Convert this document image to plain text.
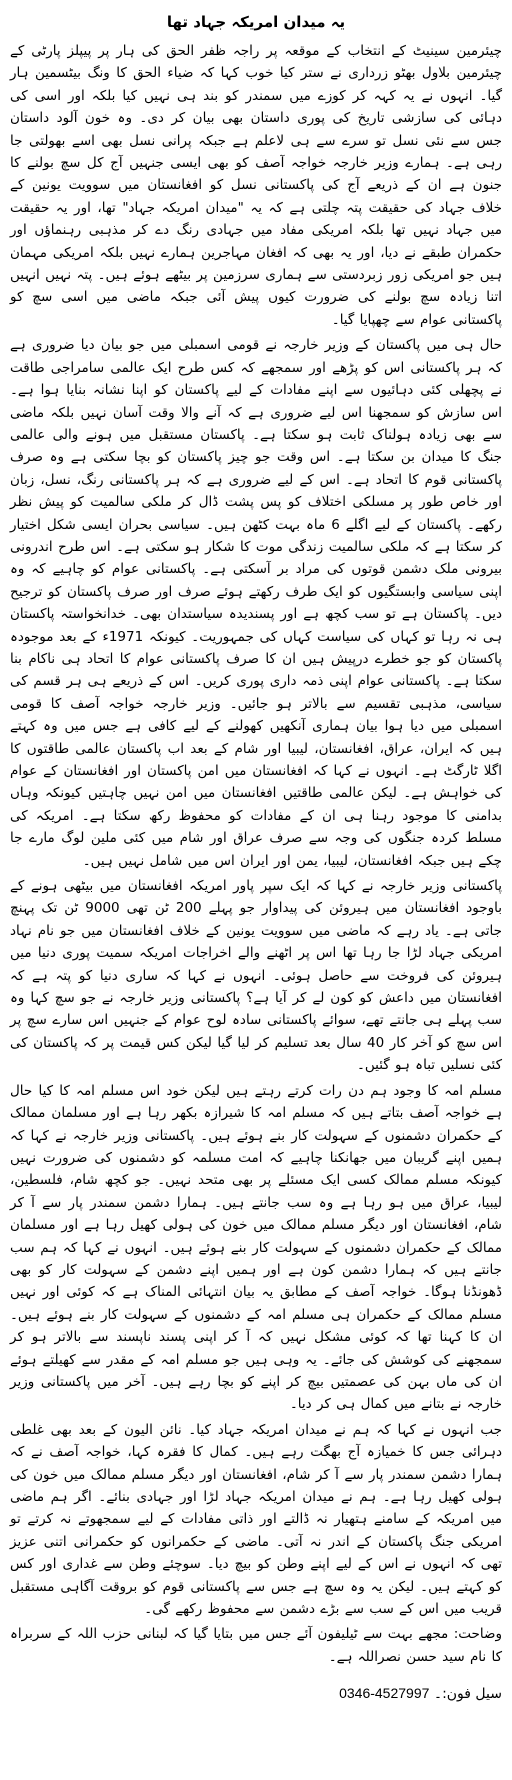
یہ میدان امریکہ جہاد تھا

چیئرمین سینیٹ کے انتخاب کے موقعہ پر راجہ ظفر الحق کی ہار پر پیپلز پارٹی کے چیئرمین بلاول بھٹو زرداری نے ستر کیا خوب کہا کہ ضیاء الحق کا ونگ بیٹسمین ہار گیا۔ انہوں نے یہ کہہ کر کوزے میں سمندر کو بند ہی نہیں کیا بلکہ اور اسی کی دہائی کی سازشی تاریخ کی پوری داستان بھی بیان کر دی۔ وہ خون آلود داستان جس سے نئی نسل تو سرے سے ہی لاعلم ہے جبکہ پرانی نسل بھی اسے بھولتی جا رہی ہے۔ ہمارے وزیر خارجہ خواجہ آصف کو بھی ایسی جنہیں آج کل سچ بولنے کا جنون ہے ان کے ذریعے آج کی پاکستانی نسل کو افغانستان میں سوویت یونین کے خلاف جہاد کی حقیقت پتہ چلتی ہے کہ یہ "میدان امریکہ جہاد" تھا، اور یہ حقیقت میں جہاد نہیں تھا بلکہ امریکی مفاد میں جہادی رنگ دے کر مذہبی رہنماؤں اور حکمران طبقے نے دیا، اور یہ بھی کہ افغان مہاجرین ہمارے نہیں بلکہ امریکی مہمان ہیں جو امریکی زور زبردستی سے ہماری سرزمین پر بیٹھے ہوئے ہیں۔ پتہ نہیں انہیں اتنا زیادہ سچ بولنے کی ضرورت کیوں پیش آئی جبکہ ماضی میں اسی سچ کو پاکستانی عوام سے چھپایا گیا۔

حال ہی میں پاکستان کے وزیر خارجہ نے قومی اسمبلی میں جو بیان دیا ضروری ہے کہ ہر پاکستانی اس کو پڑھے اور سمجھے کہ کس طرح ایک عالمی سامراجی طاقت نے پچھلی کئی دہائیوں سے اپنے مفادات کے لیے پاکستان کو اپنا نشانہ بنایا ہوا ہے۔ اس سازش کو سمجھنا اس لیے ضروری ہے کہ آنے والا وقت آسان نہیں بلکہ ماضی سے بھی زیادہ ہولناک ثابت ہو سکتا ہے۔ پاکستان مستقبل میں ہونے والی عالمی جنگ کا میدان بن سکتا ہے۔ اس وقت جو چیز پاکستان کو بچا سکتی ہے وہ صرف پاکستانی قوم کا اتحاد ہے۔ اس کے لیے ضروری ہے کہ ہر پاکستانی رنگ، نسل، زبان اور خاص طور پر مسلکی اختلاف کو پس پشت ڈال کر ملکی سالمیت کو پیش نظر رکھے۔ پاکستان کے لیے اگلے 6 ماہ بہت کٹھن ہیں۔ سیاسی بحران ایسی شکل اختیار کر سکتا ہے کہ ملکی سالمیت زندگی موت کا شکار ہو سکتی ہے۔ اس طرح اندرونی بیرونی ملک دشمن قوتوں کی مراد بر آسکتی ہے۔ پاکستانی عوام کو چاہیے کہ وہ اپنی سیاسی وابستگیوں کو ایک طرف رکھتے ہوئے صرف اور صرف پاکستان کو ترجیح دیں۔ پاکستان ہے تو سب کچھ ہے اور پسندیدہ سیاستدان بھی۔ خدانخواستہ پاکستان ہی نہ رہا تو کہاں کی سیاست کہاں کی جمہوریت۔ کیونکہ 1971ء کے بعد موجودہ پاکستان کو جو خطرے درپیش ہیں ان کا صرف پاکستانی عوام کا اتحاد ہی ناکام بنا سکتا ہے۔ پاکستانی عوام اپنی ذمہ داری پوری کریں۔ اس کے ذریعے ہی ہر قسم کی سیاسی، مذہبی تقسیم سے بالاتر ہو جائیں۔ وزیر خارجہ خواجہ آصف کا قومی اسمبلی میں دیا ہوا بیان ہماری آنکھیں کھولنے کے لیے کافی ہے جس میں وہ کہتے ہیں کہ ایران، عراق، افغانستان، لیبیا اور شام کے بعد اب پاکستان عالمی طاقتوں کا اگلا ٹارگٹ ہے۔ انہوں نے کہا کہ افغانستان میں امن پاکستان اور افغانستان کے عوام کی خواہش ہے۔ لیکن عالمی طاقتیں افغانستان میں امن نہیں چاہتیں کیونکہ وہاں بدامنی کا موجود رہنا ہی ان کے مفادات کو محفوظ رکھ سکتا ہے۔ امریکہ کی مسلط کردہ جنگوں کی وجہ سے صرف عراق اور شام میں کئی ملین لوگ مارے جا چکے ہیں جبکہ افغانستان، لیبیا، یمن اور ایران اس میں شامل نہیں ہیں۔

پاکستانی وزیر خارجہ نے کہا کہ ایک سپر پاور امریکہ افغانستان میں بیٹھی ہونے کے باوجود افغانستان میں ہیروئن کی پیداوار جو پہلے 200 ٹن تھی 9000 ٹن تک پہنچ جاتی ہے۔ یاد رہے کہ ماضی میں سوویت یونین کے خلاف افغانستان میں جو نام نہاد امریکی جہاد لڑا جا رہا تھا اس پر اٹھنے والے اخراجات امریکہ سمیت پوری دنیا میں ہیروئن کی فروخت سے حاصل ہوئی۔ انہوں نے کہا کہ ساری دنیا کو پتہ ہے کہ افغانستان میں داعش کو کون لے کر آیا ہے؟ پاکستانی وزیر خارجہ نے جو سچ کہا وہ سب پہلے ہی جانتے تھے، سوائے پاکستانی سادہ لوح عوام کے جنہیں اس سارے سچ پر اس سچ کو آخر کار 40 سال بعد تسلیم کر لیا گیا لیکن کس قیمت پر کہ پاکستان کی کئی نسلیں تباہ ہو گئیں۔

مسلم امہ کا وجود ہم دن رات کرتے رہتے ہیں لیکن خود اس مسلم امہ کا کیا حال ہے خواجہ آصف بتاتے ہیں کہ مسلم امہ کا شیرازہ بکھر رہا ہے اور مسلمان ممالک کے حکمران دشمنوں کے سہولت کار بنے ہوئے ہیں۔ پاکستانی وزیر خارجہ نے کہا کہ ہمیں اپنے گریبان میں جھانکنا چاہیے کہ امت مسلمہ کو دشمنوں کی ضرورت نہیں کیونکہ مسلم ممالک کسی ایک مسئلے پر بھی متحد نہیں۔ جو کچھ شام، فلسطین، لیبیا، عراق میں ہو رہا ہے وہ سب جانتے ہیں۔ ہمارا دشمن سمندر پار سے آ کر شام، افغانستان اور دیگر مسلم ممالک میں خون کی ہولی کھیل رہا ہے اور مسلمان ممالک کے حکمران دشمنوں کے سہولت کار بنے ہوئے ہیں۔ انہوں نے کہا کہ ہم سب جانتے ہیں کہ ہمارا دشمن کون ہے اور ہمیں اپنے دشمن کے سہولت کار کو بھی ڈھونڈنا ہوگا۔ خواجہ آصف کے مطابق یہ بیان انتہائی المناک ہے کہ کوئی اور نہیں مسلم ممالک کے حکمران ہی مسلم امہ کے دشمنوں کے سہولت کار بنے ہوئے ہیں۔ ان کا کہنا تھا کہ کوئی مشکل نہیں کہ آ کر اپنی پسند ناپسند سے بالاتر ہو کر سمجھنے کی کوشش کی جائے۔ یہ وہی ہیں جو مسلم امہ کے مقدر سے کھیلتے ہوئے ان کی ماں بہن کی عصمتیں بیچ کر اپنے کو بچا رہے ہیں۔ آخر میں پاکستانی وزیر خارجہ نے بتانے میں کمال ہی کر دیا۔

جب انہوں نے کہا کہ ہم نے میدان امریکہ جہاد کیا۔ نائن الیون کے بعد بھی غلطی دہرائی جس کا خمیازہ آج بھگت رہے ہیں۔ کمال کا فقرہ کہا، خواجہ آصف نے کہ ہمارا دشمن سمندر پار سے آ کر شام، افغانستان اور دیگر مسلم ممالک میں خون کی ہولی کھیل رہا ہے۔ ہم نے میدان امریکہ جہاد لڑا اور جہادی بنائے۔ اگر ہم ماضی میں امریکہ کے سامنے ہتھیار نہ ڈالتے اور ذاتی مفادات کے لیے سمجھوتے نہ کرتے تو امریکی جنگ پاکستان کے اندر نہ آتی۔ ماضی کے حکمرانوں کو حکمرانی اتنی عزیز تھی کہ انہوں نے اس کے لیے اپنے وطن کو بیچ دیا۔ سوچئے وطن سے غداری اور کس کو کہتے ہیں۔ لیکن یہ وہ سچ ہے جس سے پاکستانی قوم کو بروقت آگاہی مستقبل قریب میں اس کے سب سے بڑے دشمن سے محفوظ رکھے گی۔

وضاحت: مجھے بہت سے ٹیلیفون آئے جس میں بتایا گیا کہ لبنانی حزب اللہ کے سربراہ کا نام سید حسن نصراللہ ہے۔

سیل فون:۔ 0346-4527997
